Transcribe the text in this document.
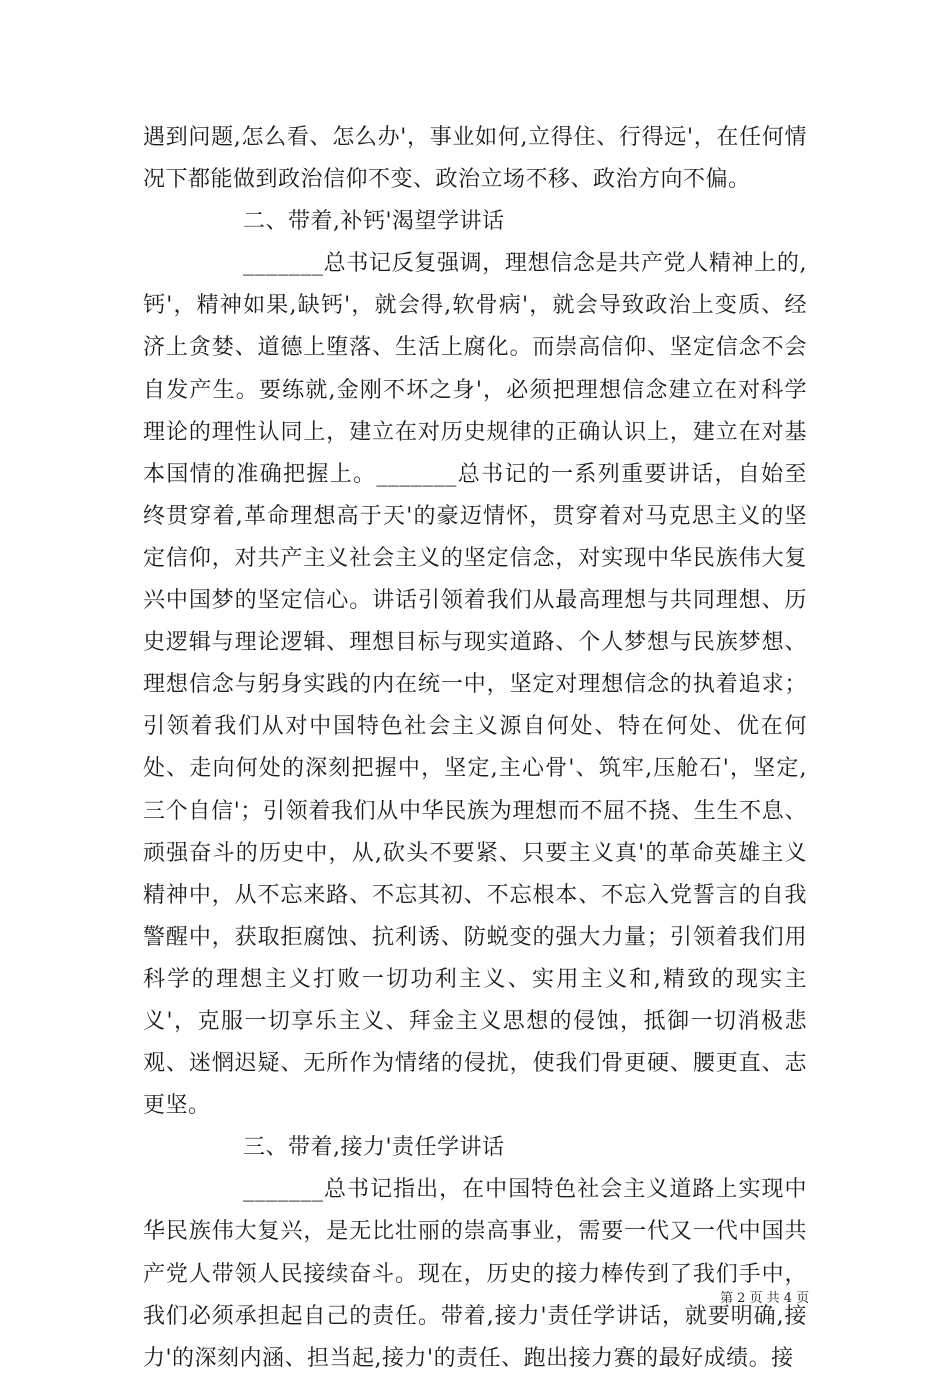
遇到问题,怎么看、怎么办'，事业如何,立得住、行得远'，在任何情况下都能做到政治信仰不变、政治立场不移、政治方向不偏。

二、带着,补钙'渴望学讲话

_______总书记反复强调，理想信念是共产党人精神上的,钙'，精神如果,缺钙'，就会得,软骨病'，就会导致政治上变质、经济上贪婪、道德上堕落、生活上腐化。而崇高信仰、坚定信念不会自发产生。要练就,金刚不坏之身'，必须把理想信念建立在对科学理论的理性认同上，建立在对历史规律的正确认识上，建立在对基本国情的准确把握上。_______总书记的一系列重要讲话，自始至终贯穿着,革命理想高于天'的豪迈情怀，贯穿着对马克思主义的坚定信仰，对共产主义社会主义的坚定信念，对实现中华民族伟大复兴中国梦的坚定信心。讲话引领着我们从最高理想与共同理想、历史逻辑与理论逻辑、理想目标与现实道路、个人梦想与民族梦想、理想信念与躬身实践的内在统一中，坚定对理想信念的执着追求；引领着我们从对中国特色社会主义源自何处、特在何处、优在何处、走向何处的深刻把握中，坚定,主心骨'、筑牢,压舱石'，坚定,三个自信'；引领着我们从中华民族为理想而不屈不挠、生生不息、顽强奋斗的历史中，从,砍头不要紧、只要主义真'的革命英雄主义精神中，从不忘来路、不忘其初、不忘根本、不忘入党誓言的自我警醒中，获取拒腐蚀、抗利诱、防蜕变的强大力量；引领着我们用科学的理想主义打败一切功利主义、实用主义和,精致的现实主义'，克服一切享乐主义、拜金主义思想的侵蚀，抵御一切消极悲观、迷惘迟疑、无所作为情绪的侵扰，使我们骨更硬、腰更直、志更坚。

三、带着,接力'责任学讲话

_______总书记指出，在中国特色社会主义道路上实现中华民族伟大复兴，是无比壮丽的崇高事业，需要一代又一代中国共产党人带领人民接续奋斗。现在，历史的接力棒传到了我们手中，我们必须承担起自己的责任。带着,接力'责任学讲话，就要明确,接力'的深刻内涵、担当起,接力'的责任、跑出接力赛的最好成绩。接

第 2 页 共 4 页
